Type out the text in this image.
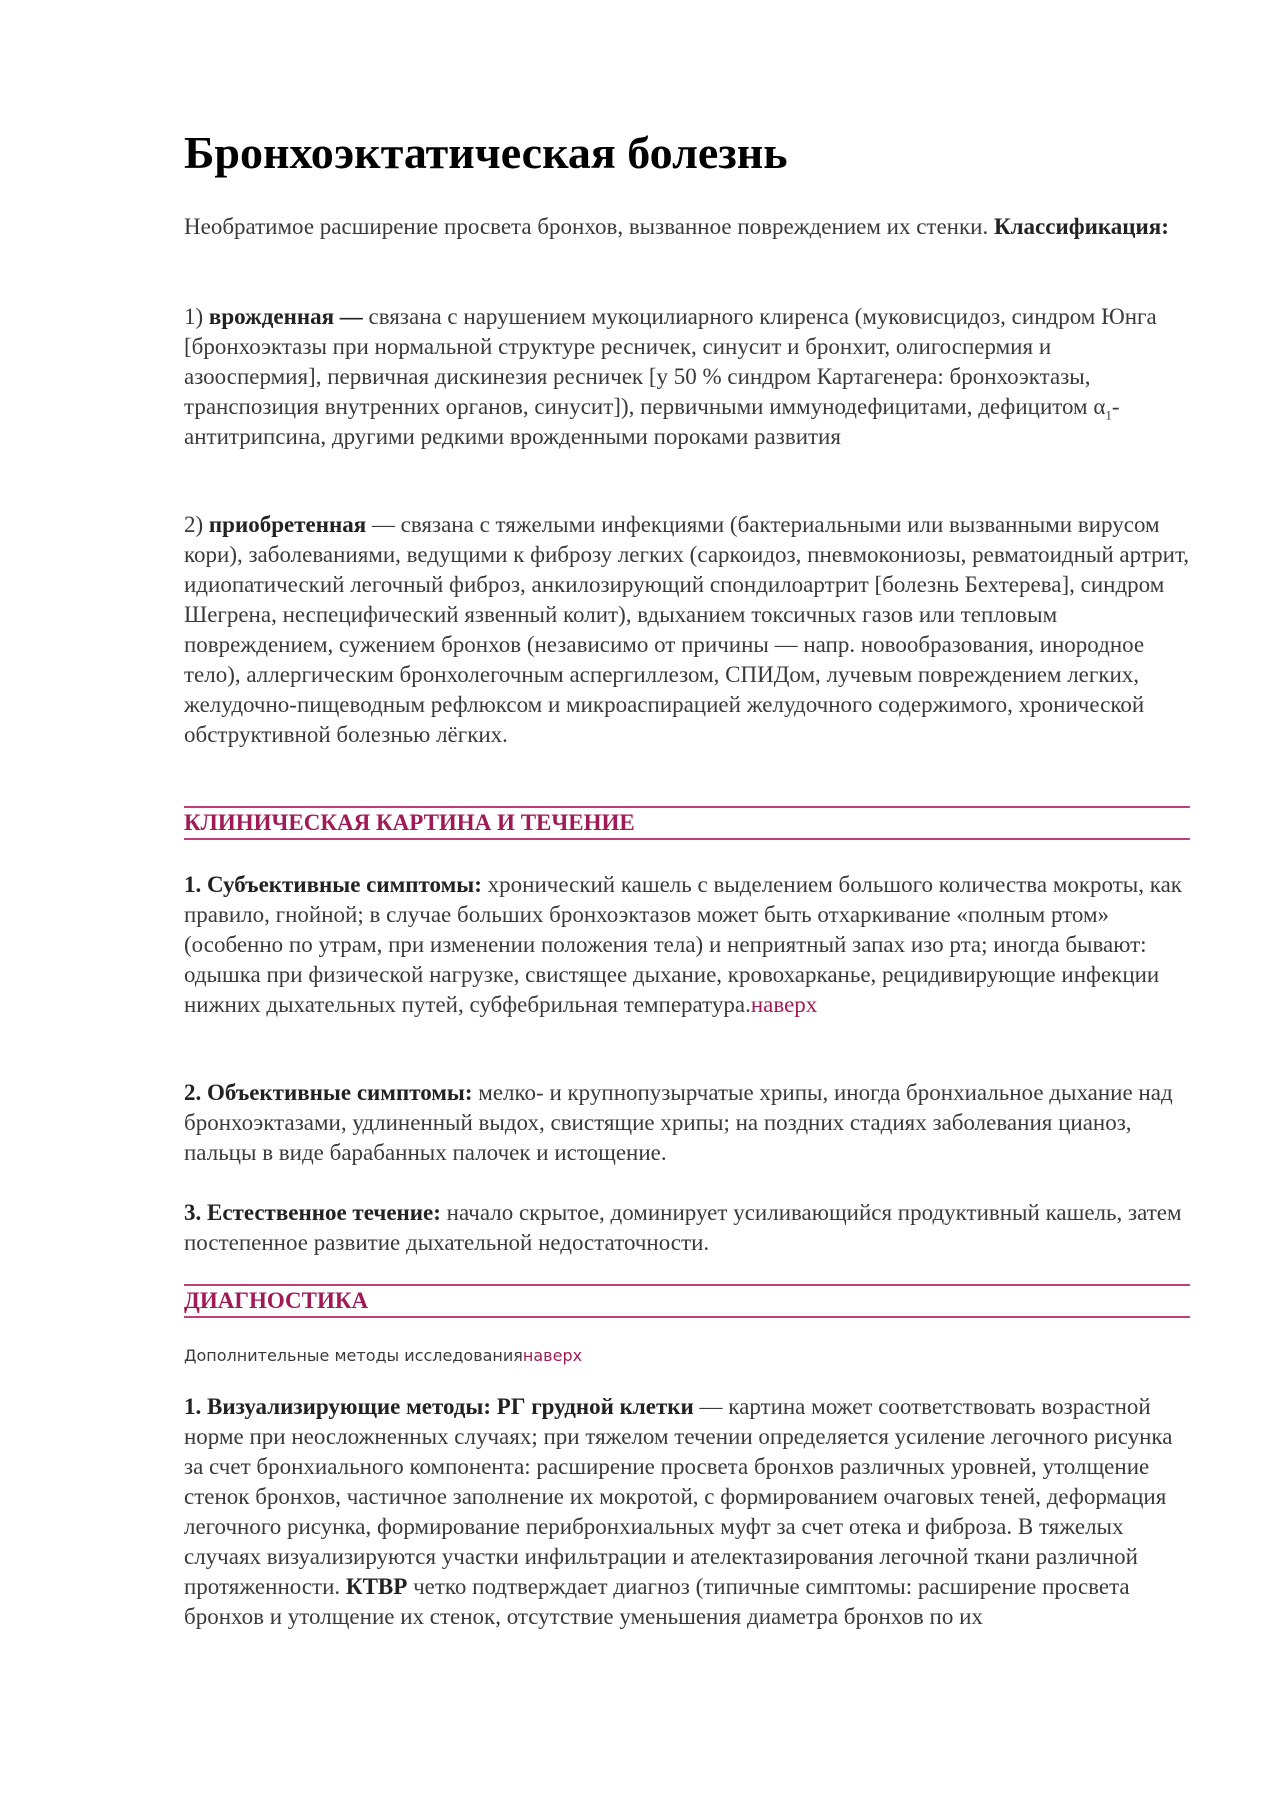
Бронхоэктатическая болезнь

Необратимое расширение просвета бронхов, вызванное повреждением их стенки. Классификация:

1) врожденная — связана с нарушением мукоцилиарного клиренса (муковисцидоз, синдром Юнга [бронхоэктазы при нормальной структуре ресничек, синусит и бронхит, олигоспермия и азооспермия], первичная дискинезия ресничек [у 50 % синдром Картагенера: бронхоэктазы, транспозиция внутренних органов, синусит]), первичными иммунодефицитами, дефицитом $\alpha_1$-антитрипсина, другими редкими врожденными пороками развития

2) приобретенная — связана с тяжелыми инфекциями (бактериальными или вызванными вирусом кори), заболеваниями, ведущими к фиброзу легких (саркоидоз, пневмокониозы, ревматоидный артрит, идиопатический легочный фиброз, анкилозирующий спондилоартрит [болезнь Бехтерева], синдром Шегрена, неспецифический язвенный колит), вдыханием токсичных газов или тепловым повреждением, сужением бронхов (независимо от причины — напр. новообразования, инородное тело), аллергическим бронхолегочным аспергиллезом, СПИДом, лучевым повреждением легких, желудочно-пищеводным рефлюксом и микроаспирацией желудочного содержимого, хронической обструктивной болезнью лёгких.

КЛИНИЧЕСКАЯ КАРТИНА И ТЕЧЕНИЕ

1. Субъективные симптомы: хронический кашель с выделением большого количества мокроты, как правило, гнойной; в случае больших бронхоэктазов может быть отхаркивание «полным ртом» (особенно по утрам, при изменении положения тела) и неприятный запах изо рта; иногда бывают: одышка при физической нагрузке, свистящее дыхание, кровохарканье, рецидивирующие инфекции нижних дыхательных путей, субфебрильная температура.наверх

2. Объективные симптомы: мелко- и крупнопузырчатые хрипы, иногда бронхиальное дыхание над бронхоэктазами, удлиненный выдох, свистящие хрипы; на поздних стадиях заболевания цианоз, пальцы в виде барабанных палочек и истощение.

3. Естественное течение: начало скрытое, доминирует усиливающийся продуктивный кашель, затем постепенное развитие дыхательной недостаточности.

ДИАГНОСТИКА

Дополнительные методы исследованиянаверх

1. Визуализирующие методы: РГ грудной клетки — картина может соответствовать возрастной норме при неосложненных случаях; при тяжелом течении определяется усиление легочного рисунка за счет бронхиального компонента: расширение просвета бронхов различных уровней, утолщение стенок бронхов, частичное заполнение их мокротой, с формированием очаговых теней, деформация легочного рисунка, формирование перибронхиальных муфт за счет отека и фиброза. В тяжелых случаях визуализируются участки инфильтрации и ателектазирования легочной ткани различной протяженности. КТВР четко подтверждает диагноз (типичные симптомы: расширение просвета бронхов и утолщение их стенок, отсутствие уменьшения диаметра бронхов по их
